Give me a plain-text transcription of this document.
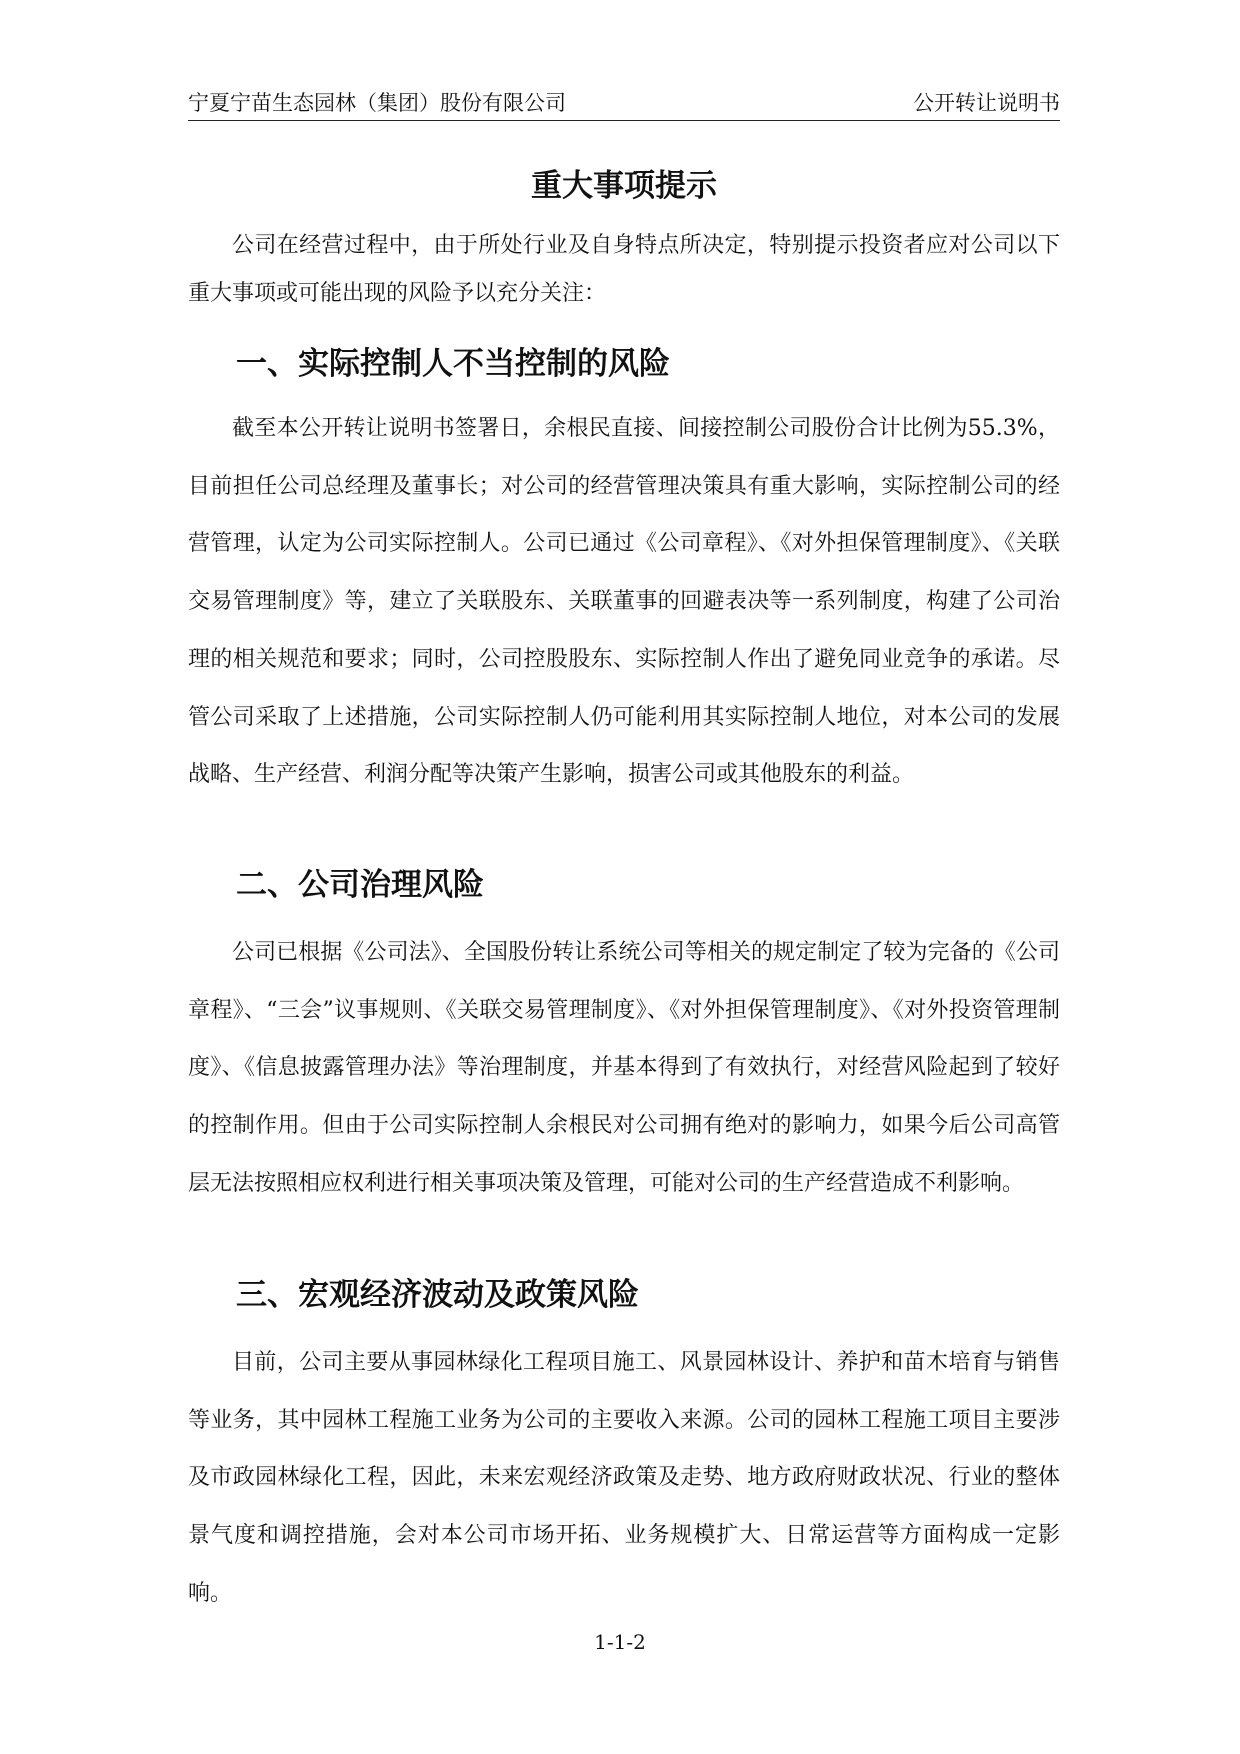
宁夏宁苗生态园林（集团）股份有限公司	公开转让说明书
重大事项提示

公司在经营过程中，由于所处行业及自身特点所决定，特别提示投资者应对公司以下重大事项或可能出现的风险予以充分关注：

一、实际控制人不当控制的风险

截至本公开转让说明书签署日，余根民直接、间接控制公司股份合计比例为55.3%，目前担任公司总经理及董事长；对公司的经营管理决策具有重大影响，实际控制公司的经营管理，认定为公司实际控制人。公司已通过《公司章程》、《对外担保管理制度》、《关联交易管理制度》等，建立了关联股东、关联董事的回避表决等一系列制度，构建了公司治理的相关规范和要求；同时，公司控股股东、实际控制人作出了避免同业竞争的承诺。尽管公司采取了上述措施，公司实际控制人仍可能利用其实际控制人地位，对本公司的发展战略、生产经营、利润分配等决策产生影响，损害公司或其他股东的利益。

二、公司治理风险

公司已根据《公司法》、全国股份转让系统公司等相关的规定制定了较为完备的《公司章程》、“三会”议事规则、《关联交易管理制度》、《对外担保管理制度》、《对外投资管理制度》、《信息披露管理办法》等治理制度，并基本得到了有效执行，对经营风险起到了较好的控制作用。但由于公司实际控制人余根民对公司拥有绝对的影响力，如果今后公司高管层无法按照相应权利进行相关事项决策及管理，可能对公司的生产经营造成不利影响。

三、宏观经济波动及政策风险

目前，公司主要从事园林绿化工程项目施工、风景园林设计、养护和苗木培育与销售等业务，其中园林工程施工业务为公司的主要收入来源。公司的园林工程施工项目主要涉及市政园林绿化工程，因此，未来宏观经济政策及走势、地方政府财政状况、行业的整体景气度和调控措施，会对本公司市场开拓、业务规模扩大、日常运营等方面构成一定影响。

1-1-2
